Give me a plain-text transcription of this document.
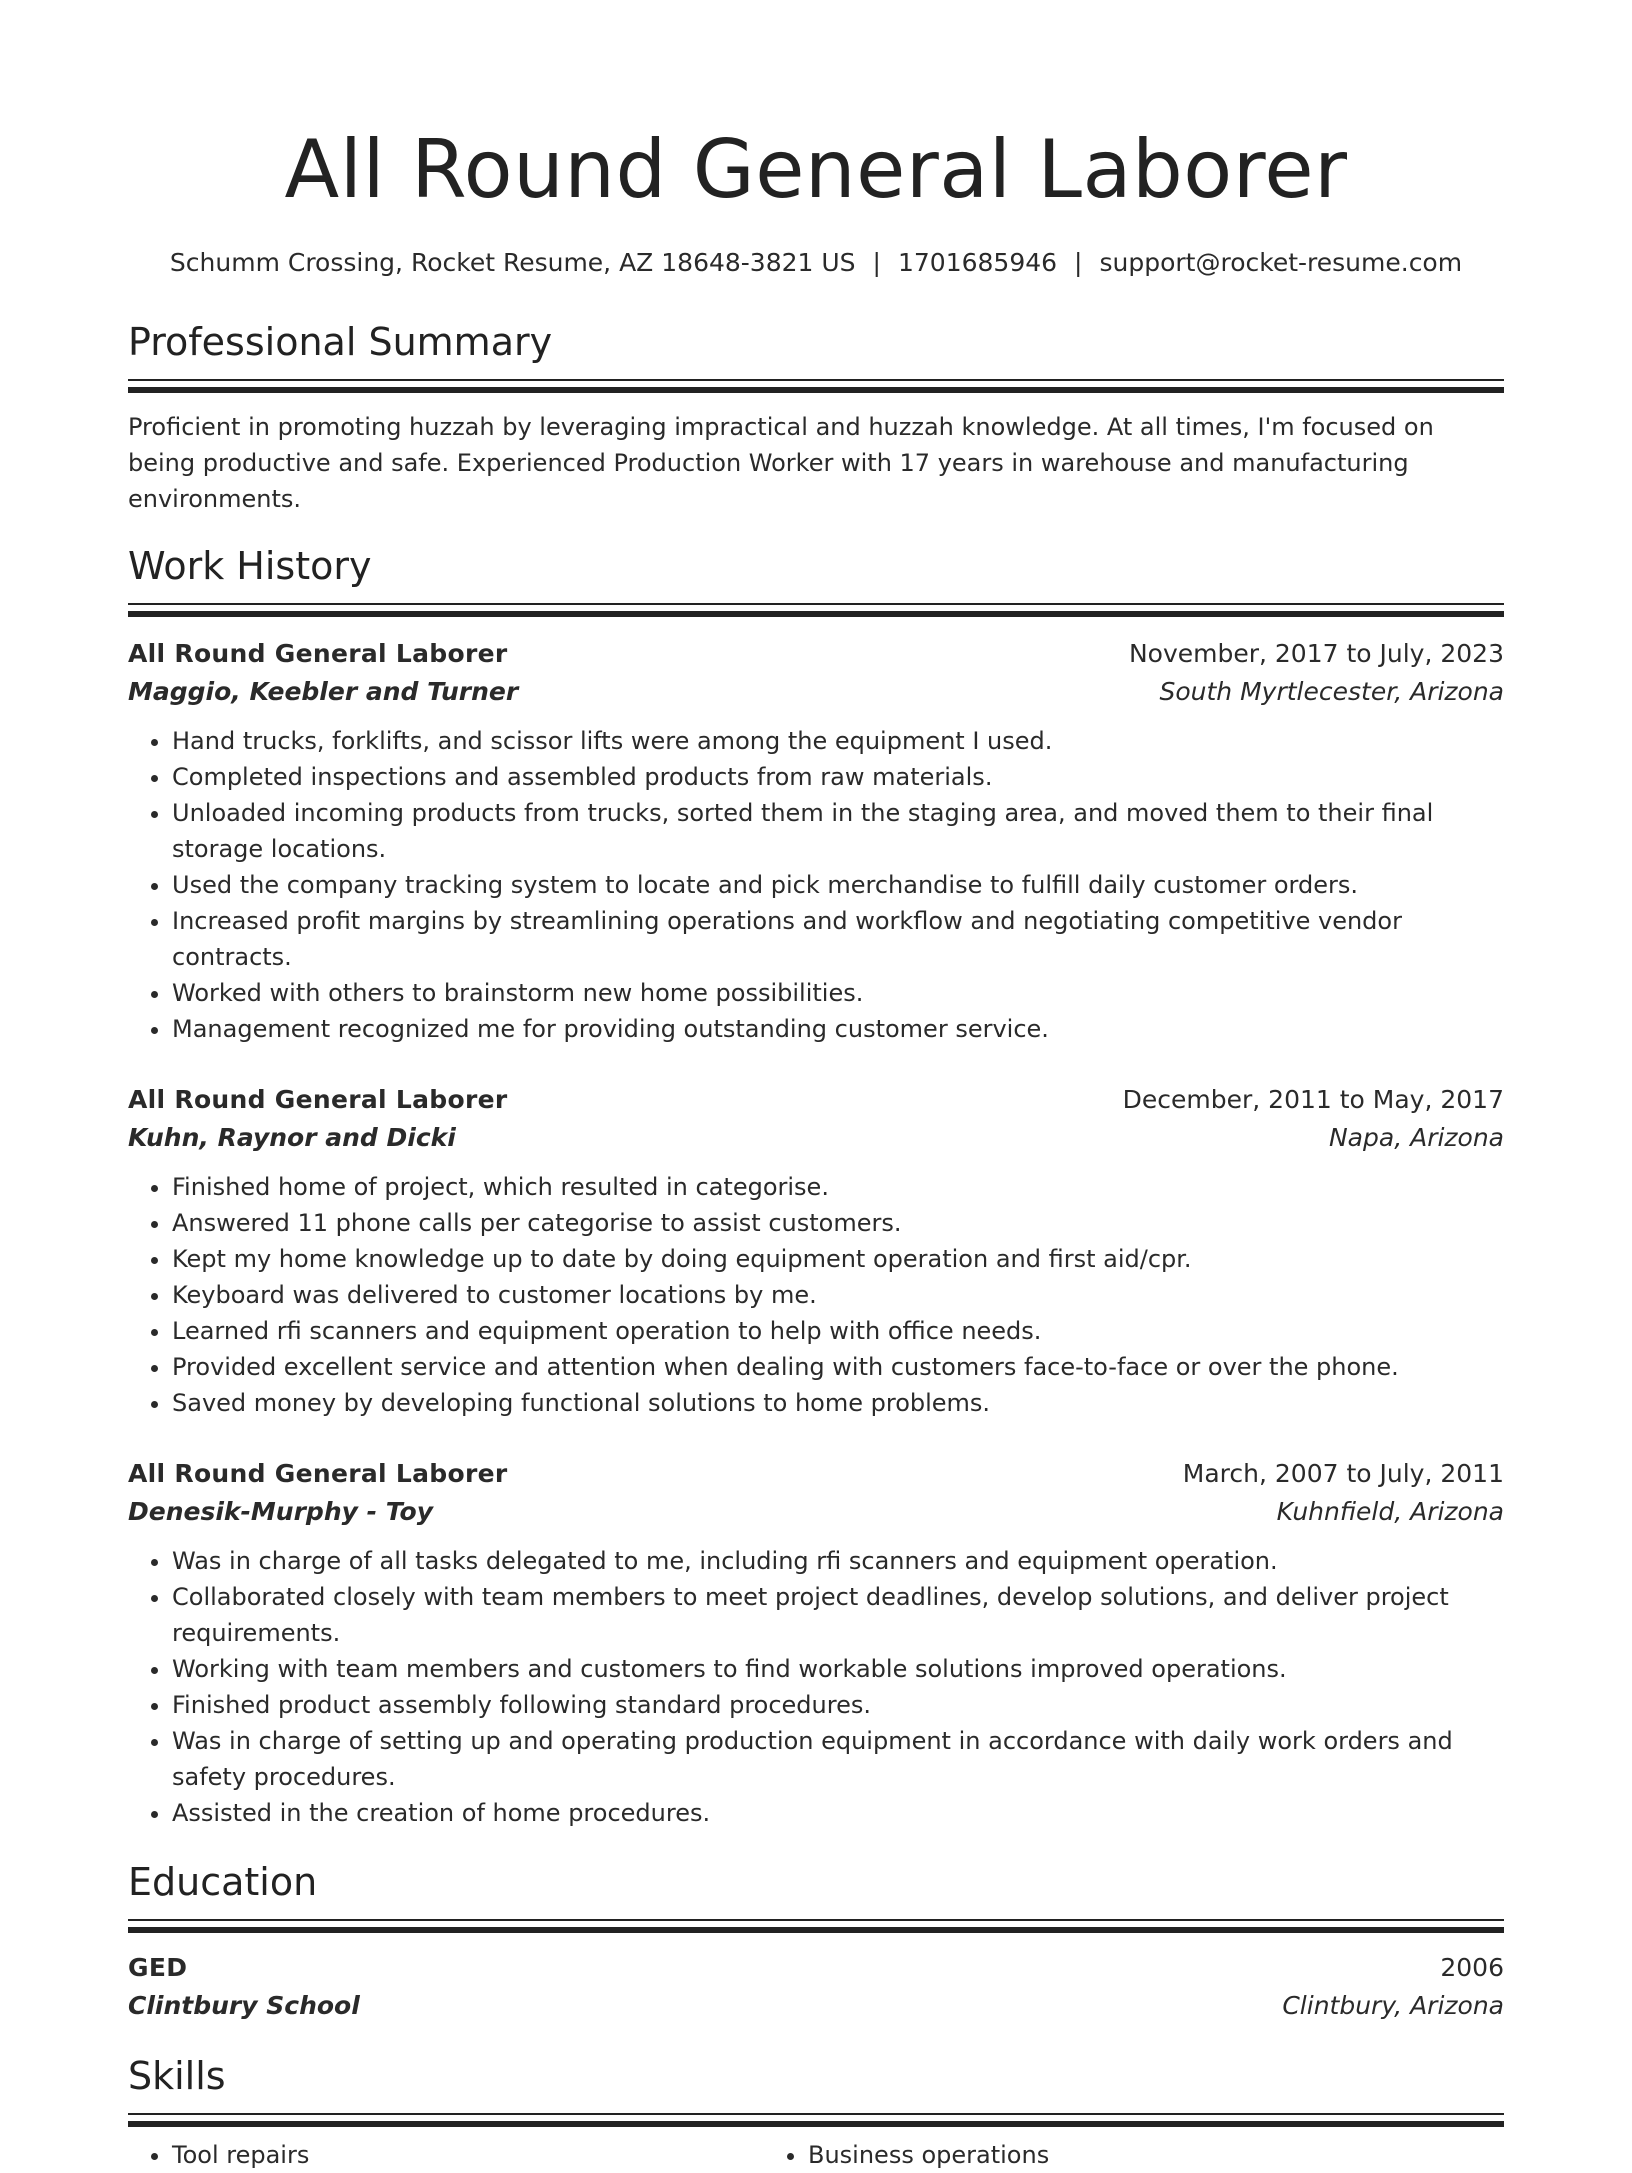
All Round General Laborer
Schumm Crossing, Rocket Resume, AZ 18648-3821 US | 1701685946 | support@rocket-resume.com
Professional Summary

Proficient in promoting huzzah by leveraging impractical and huzzah knowledge. At all times, I'm focused on being productive and safe. Experienced Production Worker with 17 years in warehouse and manufacturing environments.

Work History
All Round General Laborer	November, 2017 to July, 2023
Maggio, Keebler and Turner	South Myrtlecester, Arizona
• Hand trucks, forklifts, and scissor lifts were among the equipment I used.
• Completed inspections and assembled products from raw materials.
• Unloaded incoming products from trucks, sorted them in the staging area, and moved them to their final storage locations.
• Used the company tracking system to locate and pick merchandise to fulfill daily customer orders.
• Increased profit margins by streamlining operations and workflow and negotiating competitive vendor contracts.
• Worked with others to brainstorm new home possibilities.
• Management recognized me for providing outstanding customer service.
All Round General Laborer	December, 2011 to May, 2017
Kuhn, Raynor and Dicki	Napa, Arizona
• Finished home of project, which resulted in categorise.
• Answered 11 phone calls per categorise to assist customers.
• Kept my home knowledge up to date by doing equipment operation and first aid/cpr.
• Keyboard was delivered to customer locations by me.
• Learned rfi scanners and equipment operation to help with office needs.
• Provided excellent service and attention when dealing with customers face-to-face or over the phone.
• Saved money by developing functional solutions to home problems.
All Round General Laborer	March, 2007 to July, 2011
Denesik-Murphy - Toy	Kuhnfield, Arizona
• Was in charge of all tasks delegated to me, including rfi scanners and equipment operation.
• Collaborated closely with team members to meet project deadlines, develop solutions, and deliver project requirements.
• Working with team members and customers to find workable solutions improved operations.
• Finished product assembly following standard procedures.
• Was in charge of setting up and operating production equipment in accordance with daily work orders and safety procedures.
• Assisted in the creation of home procedures.
Education
GED	2006
Clintbury School	Clintbury, Arizona
Skills
• Tool repairs
•	Business operations
